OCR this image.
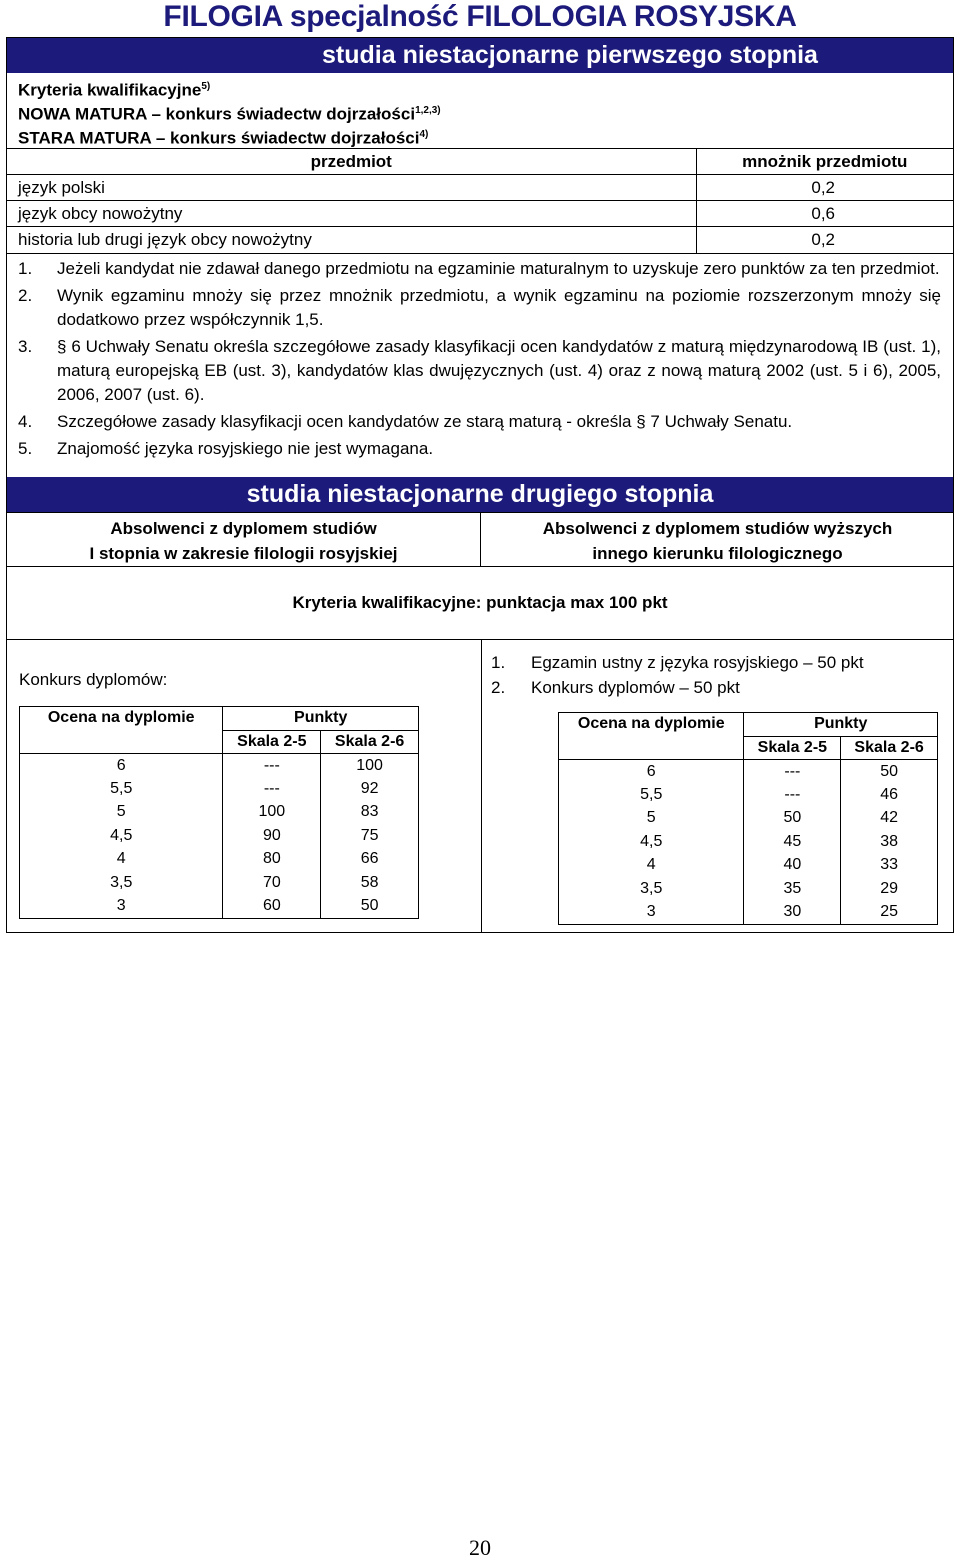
FILOGIA specjalność FILOLOGIA ROSYJSKA
studia niestacjonarne pierwszego stopnia
Kryteria kwalifikacyjne$^{5)}$
NOWA MATURA – konkurs świadectw dojrzałości$^{1,2,3)}$
STARA MATURA – konkurs świadectw dojrzałości$^{4)}$
przedmiot	mnożnik przedmiotu
język polski	0,2
język obcy nowożytny	0,6
historia lub drugi język obcy nowożytny	0,2
1. Jeżeli kandydat nie zdawał danego przedmiotu na egzaminie maturalnym to uzyskuje zero punktów za ten przedmiot.
2. Wynik egzaminu mnoży się przez mnożnik przedmiotu, a wynik egzaminu na poziomie rozszerzonym mnoży się dodatkowo przez współczynnik 1,5.
3. § 6 Uchwały Senatu określa szczegółowe zasady klasyfikacji ocen kandydatów z maturą międzynarodową IB (ust. 1), maturą europejską EB (ust. 3), kandydatów klas dwujęzycznych (ust. 4) oraz z nową maturą 2002 (ust. 5 i 6), 2005, 2006, 2007 (ust. 6).
4. Szczegółowe zasady klasyfikacji ocen kandydatów ze starą maturą - określa § 7 Uchwały Senatu.
5. Znajomość języka rosyjskiego nie jest wymagana.
studia niestacjonarne drugiego stopnia
Absolwenci z dyplomem studiów
I stopnia w zakresie filologii rosyjskiej
Absolwenci z dyplomem studiów wyższych
innego kierunku filologicznego
Kryteria kwalifikacyjne: punktacja max 100 pkt
Konkurs dyplomów:
Ocena na dyplomie	Punkty	
	Skala 2-5	Skala 2-6
6	---	100
5,5	---	92
5	100	83
4,5	90	75
4	80	66
3,5	70	58
3	60	50
1. Egzamin ustny z języka rosyjskiego – 50 pkt
2. Konkurs dyplomów – 50 pkt
Ocena na dyplomie	Punkty	
	Skala 2-5	Skala 2-6
6	---	50
5,5	---	46
5	50	42
4,5	45	38
4	40	33
3,5	35	29
3	30	25
20
